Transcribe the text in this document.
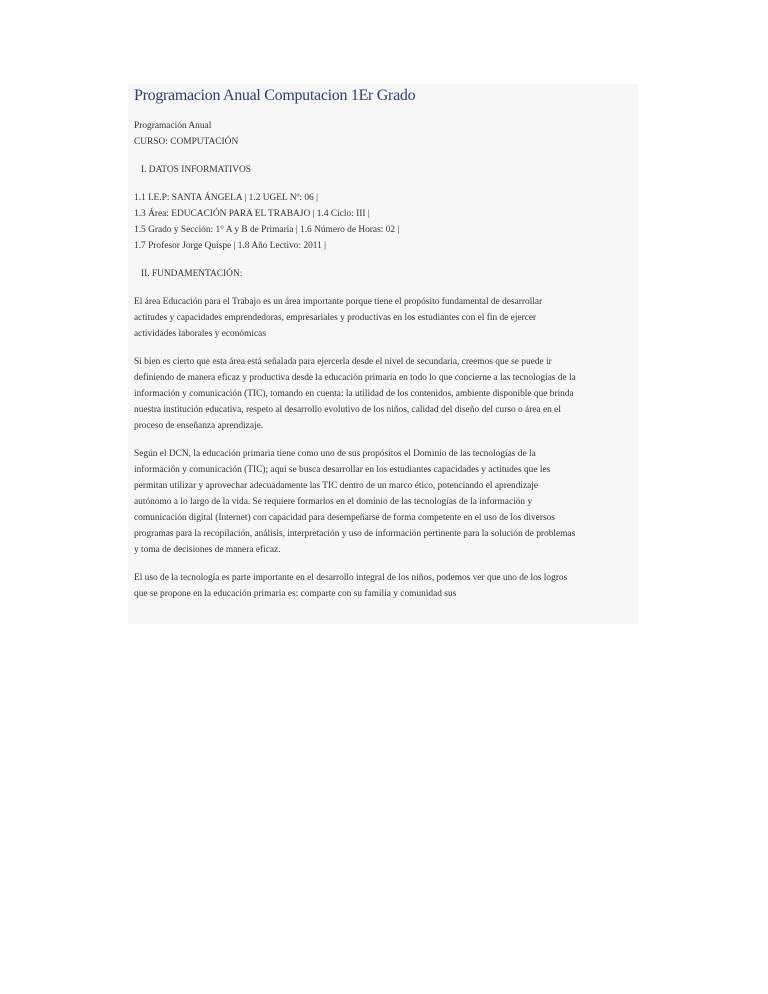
Programacion Anual Computacion 1Er Grado
Programación Anual
CURSO: COMPUTACIÓN
I. DATOS INFORMATIVOS
1.1 I.E.P: SANTA ÁNGELA | 1.2 UGEL Nº: 06 |
1.3 Área: EDUCACIÓN PARA EL TRABAJO | 1.4 Ciclo: III |
1.5 Grado y Sección: 1° A y B de Primaria | 1.6 Número de Horas: 02 |
1.7 Profesor Jorge Quispe | 1.8 Año Lectivo: 2011 |
II. FUNDAMENTACIÓN:
El área Educación para el Trabajo es un área importante porque tiene el propósito fundamental de desarrollar
actitudes y capacidades emprendedoras, empresariales y productivas en los estudiantes con el fin de ejercer
actividades laborales y económicas
Si bien es cierto que esta área está señalada para ejercerla desde el nivel de secundaria, creemos que se puede ir
definiendo de manera eficaz y productiva desde la educación primaria en todo lo que concierne a las tecnologías de la
información y comunicación (TIC), tomando en cuenta: la utilidad de los contenidos, ambiente disponible que brinda
nuestra institución educativa, respeto al desarrollo evolutivo de los niños, calidad del diseño del curso o área en el
proceso de enseñanza aprendizaje.
Según el DCN, la educación primaria tiene como uno de sus propósitos el Dominio de las tecnologías de la
información y comunicación (TIC); aquí se busca desarrollar en los estudiantes capacidades y actitudes que les
permitan utilizar y aprovechar adecuadamente las TIC dentro de un marco ético, potenciando el aprendizaje
autónomo a lo largo de la vida. Se requiere formarlos en el dominio de las tecnologías de la información y
comunicación digital (Internet) con capacidad para desempeñarse de forma competente en el uso de los diversos
programas para la recopilación, análisis, interpretación y uso de información pertinente para la solución de problemas
y toma de decisiones de manera eficaz.
El uso de la tecnología es parte importante en el desarrollo integral de los niños, podemos ver que uno de los logros
que se propone en la educación primaria es: comparte con su familia y comunidad sus
